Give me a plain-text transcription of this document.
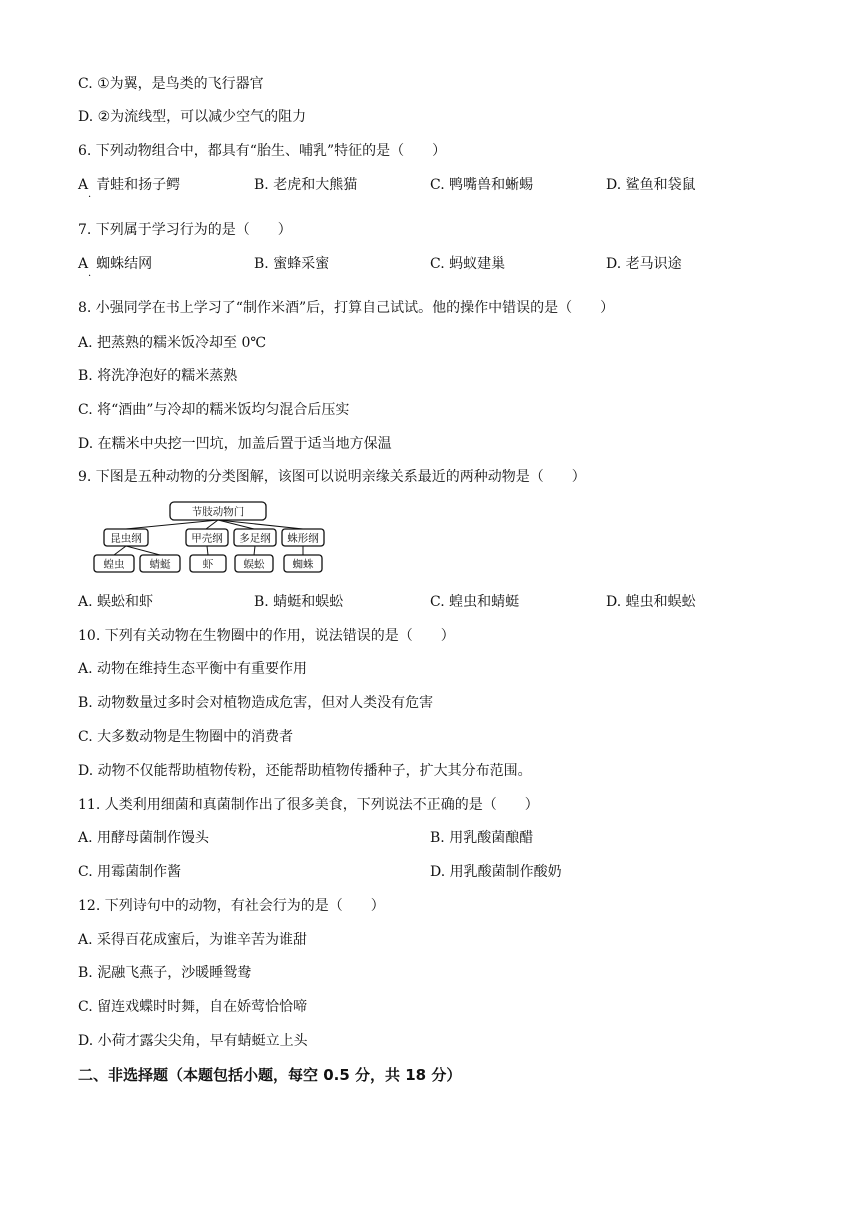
C. ①为翼，是鸟类的飞行器官
D. ②为流线型，可以减少空气的阻力
6. 下列动物组合中，都具有“胎生、哺乳”特征的是（　　）
A 青蛙和扬子鳄
·
B. 老虎和大熊猫	C. 鸭嘴兽和蜥蜴	D. 鲨鱼和袋鼠
7. 下列属于学习行为的是（　　）
A 蜘蛛结网
·
B. 蜜蜂采蜜	C. 蚂蚁建巢	D. 老马识途
8. 小强同学在书上学习了“制作米酒”后，打算自己试试。他的操作中错误的是（　　）
A. 把蒸熟的糯米饭冷却至 0℃
B. 将洗净泡好的糯米蒸熟
C. 将“酒曲”与冷却的糯米饭均匀混合后压实
D. 在糯米中央挖一凹坑，加盖后置于适当地方保温
9. 下图是五种动物的分类图解，该图可以说明亲缘关系最近的两种动物是（　　）
节肢动物门
昆虫纲	甲壳纲 多足纲 蛛形纲
蝗虫 蜻蜓	虾	蜈蚣	蜘蛛
A. 蜈蚣和虾	B. 蜻蜓和蜈蚣	C. 蝗虫和蜻蜓	D. 蝗虫和蜈蚣
10. 下列有关动物在生物圈中的作用，说法错误的是（　　）
A. 动物在维持生态平衡中有重要作用
B. 动物数量过多时会对植物造成危害，但对人类没有危害
C. 大多数动物是生物圈中的消费者
D. 动物不仅能帮助植物传粉，还能帮助植物传播种子，扩大其分布范围。
11. 人类利用细菌和真菌制作出了很多美食，下列说法不正确的是（　　）
A. 用酵母菌制作馒头	B. 用乳酸菌酿醋
C. 用霉菌制作酱	D. 用乳酸菌制作酸奶
12. 下列诗句中的动物，有社会行为的是（　　）
A. 采得百花成蜜后，为谁辛苦为谁甜
B. 泥融飞燕子，沙暖睡鸳鸯
C. 留连戏蝶时时舞，自在娇莺恰恰啼
D. 小荷才露尖尖角，早有蜻蜓立上头
二、非选择题（本题包括小题，每空 0.5 分，共 18 分）
